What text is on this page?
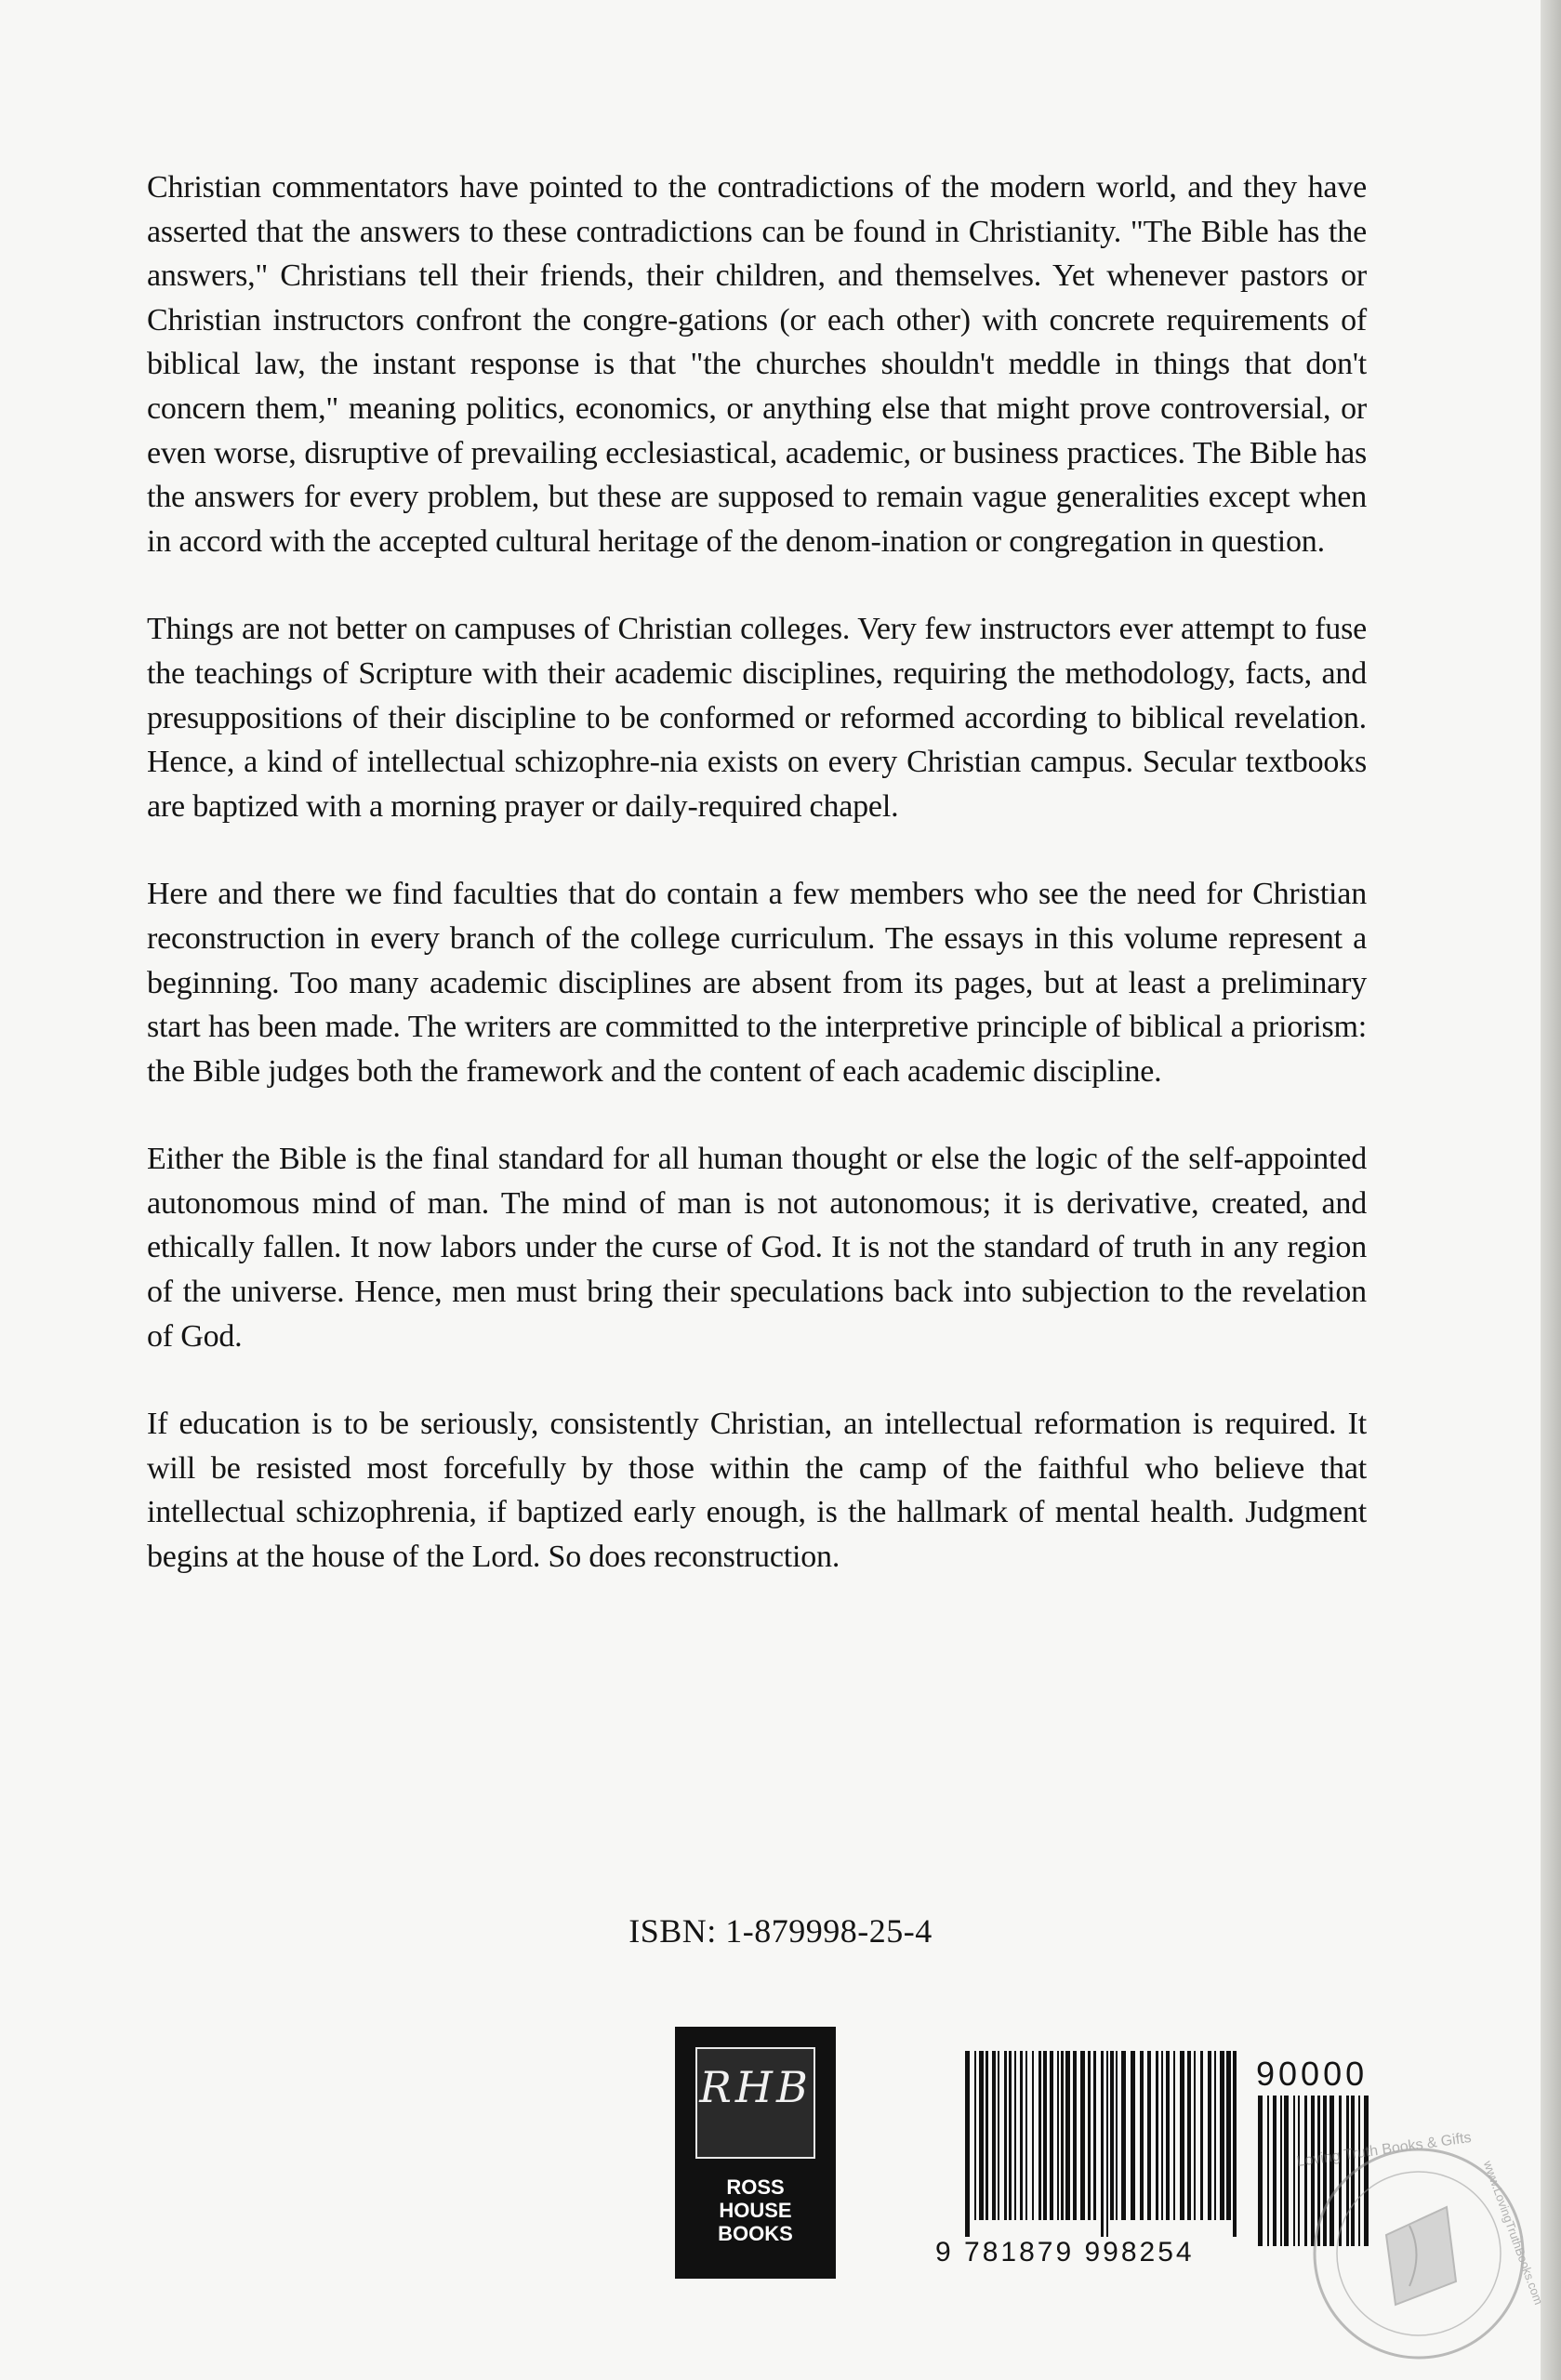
Christian commentators have pointed to the contradictions of the modern world, and they have asserted that the answers to these contradictions can be found in Christianity. "The Bible has the answers," Christians tell their friends, their children, and themselves. Yet whenever pastors or Christian instructors confront the congre-gations (or each other) with concrete requirements of biblical law, the instant response is that "the churches shouldn't meddle in things that don't concern them," meaning politics, economics, or anything else that might prove controversial, or even worse, disruptive of prevailing ecclesiastical, academic, or business practices. The Bible has the answers for every problem, but these are supposed to remain vague generalities except when in accord with the accepted cultural heritage of the denom-ination or congregation in question.

Things are not better on campuses of Christian colleges. Very few instructors ever attempt to fuse the teachings of Scripture with their academic disciplines, requiring the methodology, facts, and presuppositions of their discipline to be conformed or reformed according to biblical revelation. Hence, a kind of intellectual schizophre-nia exists on every Christian campus. Secular textbooks are baptized with a morning prayer or daily-required chapel.

Here and there we find faculties that do contain a few members who see the need for Christian reconstruction in every branch of the college curriculum. The essays in this volume represent a beginning. Too many academic disciplines are absent from its pages, but at least a preliminary start has been made. The writers are committed to the interpretive principle of biblical a priorism: the Bible judges both the framework and the content of each academic discipline.

Either the Bible is the final standard for all human thought or else the logic of the self-appointed autonomous mind of man. The mind of man is not autonomous; it is derivative, created, and ethically fallen. It now labors under the curse of God. It is not the standard of truth in any region of the universe. Hence, men must bring their speculations back into subjection to the revelation of God.

If education is to be seriously, consistently Christian, an intellectual reformation is required. It will be resisted most forcefully by those within the camp of the faithful who believe that intellectual schizophrenia, if baptized early enough, is the hallmark of mental health. Judgment begins at the house of the Lord. So does reconstruction.

ISBN: 1-879998-25-4
RHB
ROSS
HOUSE
BOOKS
9 781879 998254
90000
Loving Truth Books & Gifts
www.LovingTruthBooks.com
